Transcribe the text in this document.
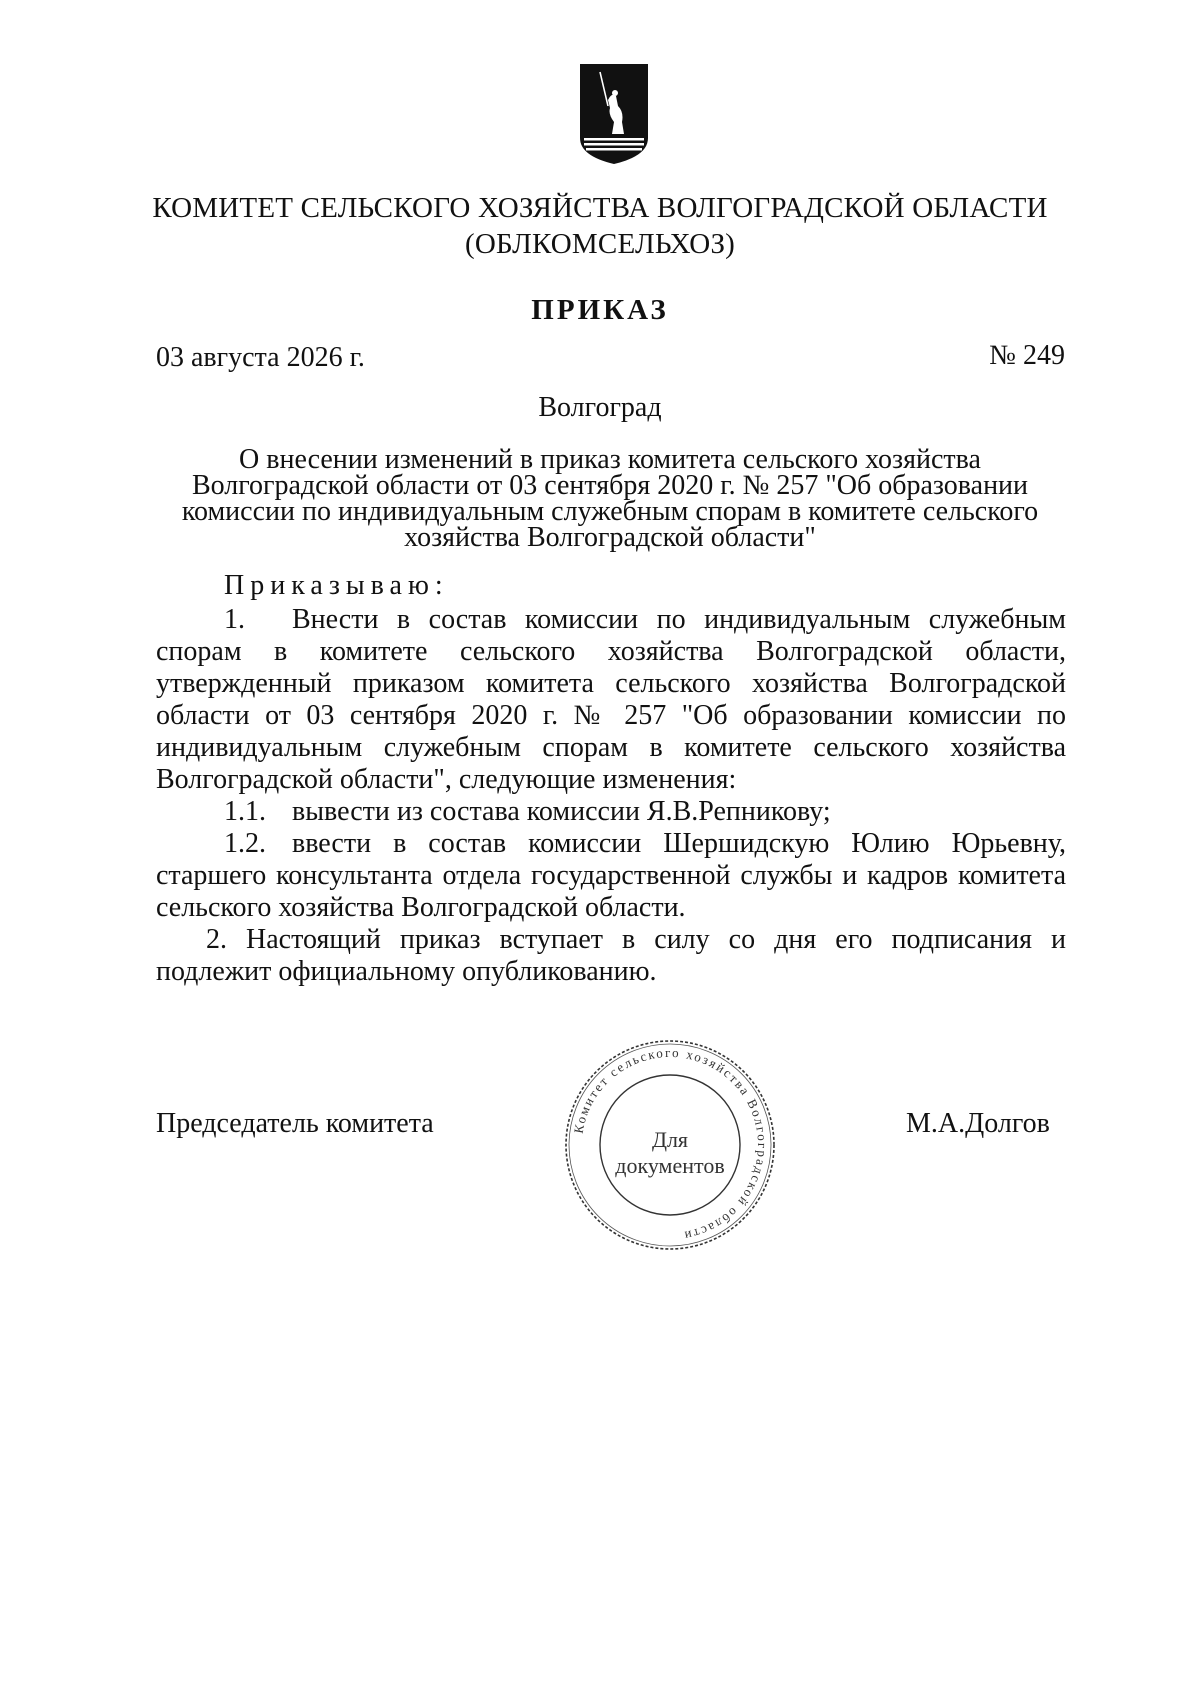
КОМИТЕТ СЕЛЬСКОГО ХОЗЯЙСТВА ВОЛГОГРАДСКОЙ ОБЛАСТИ
(ОБЛКОМСЕЛЬХОЗ)
ПРИКАЗ
03 августа 2026 г.	№ 249
Волгоград
О внесении изменений в приказ комитета сельского хозяйства
Волгоградской области от 03 сентября 2020 г. № 257 "Об образовании
комиссии по индивидуальным служебным спорам в комитете сельского
хозяйства Волгоградской области"

Приказываю:

1. Внести в состав комиссии по индивидуальным служебным спорам в комитете сельского хозяйства Волгоградской области, утвержденный приказом комитета сельского хозяйства Волгоградской области от 03 сентября 2020 г. № 257 "Об образовании комиссии по индивидуальным служебным спорам в комитете сельского хозяйства Волгоградской области", следующие изменения:

1.1. вывести из состава комиссии Я.В.Репникову;

1.2. ввести в состав комиссии Шершидскую Юлию Юрьевну, старшего консультанта отдела государственной службы и кадров комитета сельского хозяйства Волгоградской области.

2. Настоящий приказ вступает в силу со дня его подписания и подлежит официальному опубликованию.

Председатель комитета	М.А.Долгов
Комитет сельского хозяйства Волгоградской области
Для
документов
